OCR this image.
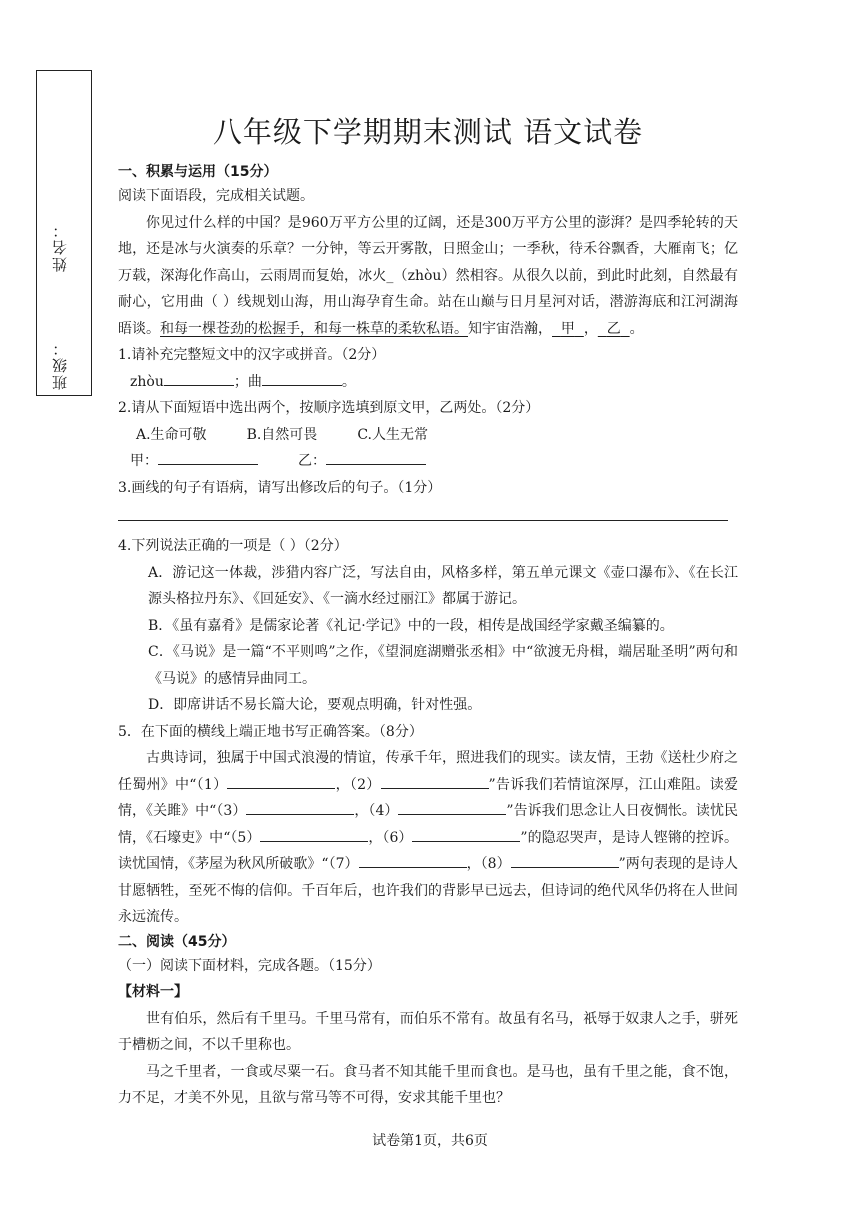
姓名：
班级：
八年级下学期期末测试 语文试卷
一、积累与运用（15分）

阅读下面语段，完成相关试题。

你见过什么样的中国？是960万平方公里的辽阔，还是300万平方公里的澎湃？是四季轮转的天地，还是冰与火演奏的乐章？一分钟，等云开雾散，日照金山；一季秋，待禾谷飘香，大雁南飞；亿万载，深海化作高山，云雨周而复始，冰火_（zhòu）然相容。从很久以前，到此时此刻，自然最有耐心，它用曲（ ）线规划山海，用山海孕育生命。站在山巅与日月星河对话，潜游海底和江河湖海晤谈。和每一棵苍劲的松握手，和每一株草的柔软私语。知宇宙浩瀚， 甲 ， 乙 。

1.请补充完整短文中的汉字或拼音。（2分）

zhòu	；曲	。

2.请从下面短语中选出两个，按顺序选填到原文甲，乙两处。（2分）

A.生命可敬	B.自然可畏	C.人生无常

甲：	乙：

3.画线的句子有语病，请写出修改后的句子。（1分）

4.下列说法正确的一项是（ ）（2分）

A．游记这一体裁，涉猎内容广泛，写法自由，风格多样，第五单元课文《壶口瀑布》、《在长江源头格拉丹东》、《回延安》、《一滴水经过丽江》都属于游记。

B．《虽有嘉肴》是儒家论著《礼记·学记》中的一段，相传是战国经学家戴圣编纂的。

C．《马说》是一篇“不平则鸣”之作，《望洞庭湖赠张丞相》中“欲渡无舟楫，端居耻圣明”两句和《马说》的感情异曲同工。

D．即席讲话不易长篇大论，要观点明确，针对性强。

5．在下面的横线上端正地书写正确答案。（8分）

古典诗词，独属于中国式浪漫的情谊，传承千年，照进我们的现实。读友情，王勃《送杜少府之任蜀州》中“（1）	，（2）	”告诉我们若情谊深厚，江山难阻。读爱情，《关雎》中“（3）	，（4）	”告诉我们思念让人日夜惆怅。读忧民情，《石壕吏》中“（5）	，（6）	”的隐忍哭声，是诗人铿锵的控诉。读忧国情，《茅屋为秋风所破歌》“（7）	，（8）	”两句表现的是诗人甘愿牺牲，至死不悔的信仰。千百年后，也许我们的背影早已远去，但诗词的绝代风华仍将在人世间永远流传。

二、阅读（45分）

（一）阅读下面材料，完成各题。（15分）

【材料一】

世有伯乐，然后有千里马。千里马常有，而伯乐不常有。故虽有名马，祇辱于奴隶人之手，骈死于槽枥之间，不以千里称也。

马之千里者，一食或尽粟一石。食马者不知其能千里而食也。是马也，虽有千里之能，食不饱，力不足，才美不外见，且欲与常马等不可得，安求其能千里也？

试卷第1页，共6页
